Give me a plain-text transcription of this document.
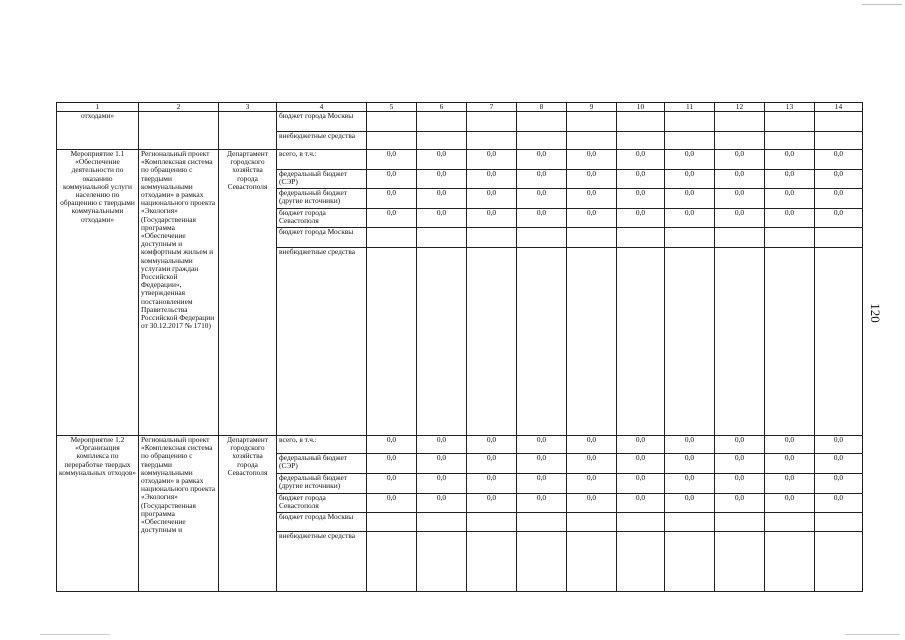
1	2	3	4	5	6	7	8	9	10	11	12	13	14
отходами»			бюджет города Москвы										
			внебюджетные средства										
Мероприятие 1.1 «Обеспечение деятельности по оказанию коммунальной услуги населению по обращению с твердыми коммунальными отходами»	Региональный проект «Комплексная система по обращению с твердыми коммунальными отходами» в рамках национального проекта «Экология» (Государственная программа «Обеспечение доступным и комфортным жильем и коммунальными услугами граждан Российской Федерации», утвержденная постановлением Правительства Российской Федерации от 30.12.2017 № 1710)	Департамент городского хозяйства города Севастополя	всего, в т.ч.:	0,0	0,0	0,0	0,0	0,0	0,0	0,0	0,0	0,0	0,0
			федеральный бюджет (СЭР)	0,0	0,0	0,0	0,0	0,0	0,0	0,0	0,0	0,0	0,0
			федеральный бюджет (другие источники)	0,0	0,0	0,0	0,0	0,0	0,0	0,0	0,0	0,0	0,0
			бюджет города Севастополя	0,0	0,0	0,0	0,0	0,0	0,0	0,0	0,0	0,0	0,0
			бюджет города Москвы										
			внебюджетные средства										
Мероприятие 1.2 «Организация комплекса по переработке твердых коммунальных отходов»	Региональный проект «Комплексная система по обращению с твердыми коммунальными отходами» в рамках национального проекта «Экология» (Государственная программа «Обеспечение доступным и	Департамент городского хозяйства города Севастополя	всего, в т.ч.:	0,0	0,0	0,0	0,0	0,0	0,0	0,0	0,0	0,0	0,0
			федеральный бюджет (СЭР)	0,0	0,0	0,0	0,0	0,0	0,0	0,0	0,0	0,0	0,0
			федеральный бюджет (другие источники)	0,0	0,0	0,0	0,0	0,0	0,0	0,0	0,0	0,0	0,0
			бюджет города Севастополя	0,0	0,0	0,0	0,0	0,0	0,0	0,0	0,0	0,0	0,0
			бюджет города Москвы										
			внебюджетные средства										
120
